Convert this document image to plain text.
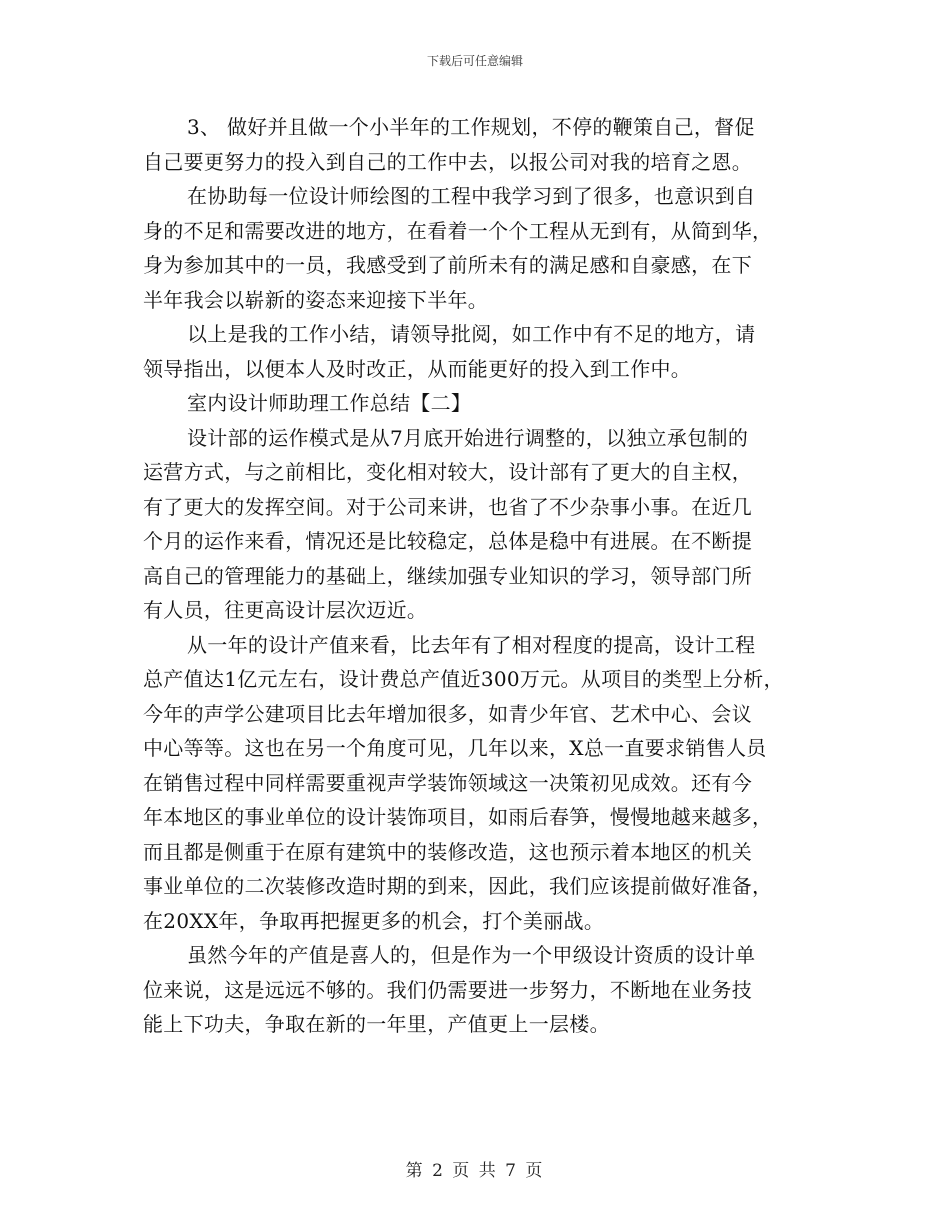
下载后可任意编辑
3、 做好并且做一个小半年的工作规划，不停的鞭策自己，督促
自己要更努力的投入到自己的工作中去，以报公司对我的培育之恩。
在协助每一位设计师绘图的工程中我学习到了很多，也意识到自
身的不足和需要改进的地方，在看着一个个工程从无到有，从简到华，
身为参加其中的一员，我感受到了前所未有的满足感和自豪感，在下
半年我会以崭新的姿态来迎接下半年。
以上是我的工作小结，请领导批阅，如工作中有不足的地方，请
领导指出，以便本人及时改正，从而能更好的投入到工作中。
室内设计师助理工作总结【二】
设计部的运作模式是从7月底开始进行调整的，以独立承包制的
运营方式，与之前相比，变化相对较大，设计部有了更大的自主权，
有了更大的发挥空间。对于公司来讲，也省了不少杂事小事。在近几
个月的运作来看，情况还是比较稳定，总体是稳中有进展。在不断提
高自己的管理能力的基础上，继续加强专业知识的学习，领导部门所
有人员，往更高设计层次迈近。
从一年的设计产值来看，比去年有了相对程度的提高，设计工程
总产值达1亿元左右，设计费总产值近300万元。从项目的类型上分析，
今年的声学公建项目比去年增加很多，如青少年官、艺术中心、会议
中心等等。这也在另一个角度可见，几年以来，X总一直要求销售人员
在销售过程中同样需要重视声学装饰领域这一决策初见成效。还有今
年本地区的事业单位的设计装饰项目，如雨后春笋，慢慢地越来越多，
而且都是侧重于在原有建筑中的装修改造，这也预示着本地区的机关
事业单位的二次装修改造时期的到来，因此，我们应该提前做好准备，
在20XX年，争取再把握更多的机会，打个美丽战。
虽然今年的产值是喜人的，但是作为一个甲级设计资质的设计单
位来说，这是远远不够的。我们仍需要进一步努力，不断地在业务技
能上下功夫，争取在新的一年里，产值更上一层楼。
第 2 页 共 7 页
